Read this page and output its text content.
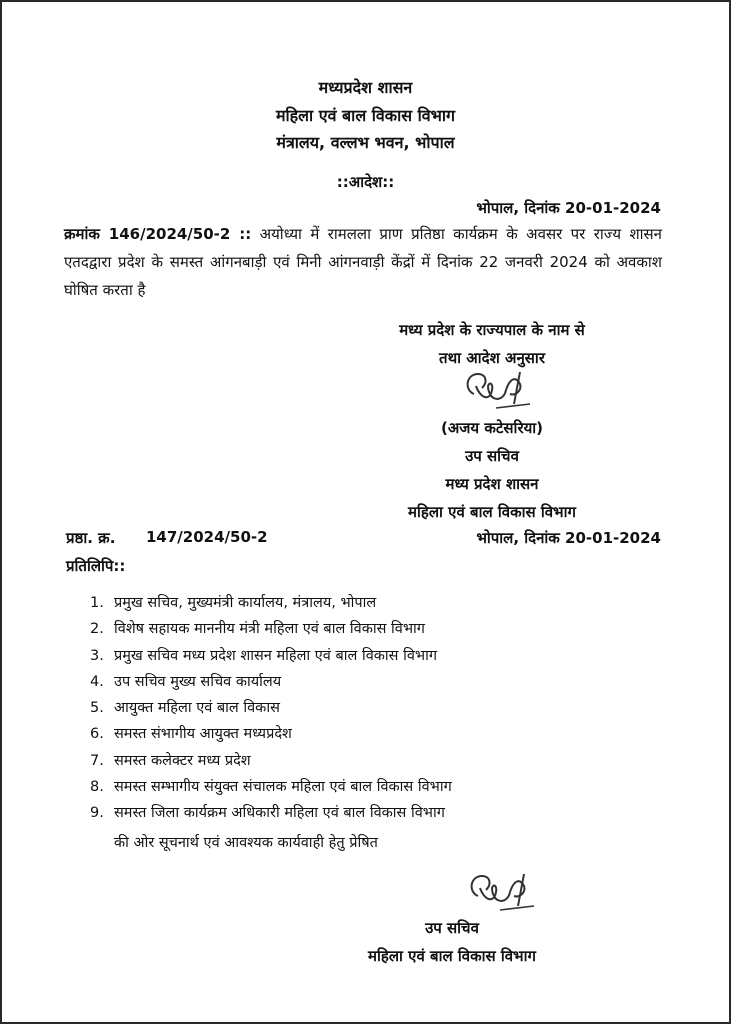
मध्यप्रदेश शासन
महिला एवं बाल विकास विभाग
मंत्रालय, वल्लभ भवन, भोपाल
::आदेश::
भोपाल, दिनांक 20-01-2024
क्रमांक 146/2024/50-2 :: अयोध्या में रामलला प्राण प्रतिष्ठा कार्यक्रम के अवसर पर राज्य शासन एतदद्वारा प्रदेश के समस्त आंगनबाड़ी एवं मिनी आंगनवाड़ी केंद्रों में दिनांक 22 जनवरी 2024 को अवकाश घोषित करता है
मध्य प्रदेश के राज्यपाल के नाम से
तथा आदेश अनुसार
(अजय कटेसरिया)
उप सचिव
मध्य प्रदेश शासन
महिला एवं बाल विकास विभाग
प्रष्ठा. क्र. 147/2024/50-2	भोपाल, दिनांक 20-01-2024
प्रतिलिपि::
1. प्रमुख सचिव, मुख्यमंत्री कार्यालय, मंत्रालय, भोपाल
2. विशेष सहायक माननीय मंत्री महिला एवं बाल विकास विभाग
3. प्रमुख सचिव मध्य प्रदेश शासन महिला एवं बाल विकास विभाग
4. उप सचिव मुख्य सचिव कार्यालय
5. आयुक्त महिला एवं बाल विकास
6. समस्त संभागीय आयुक्त मध्यप्रदेश
7. समस्त कलेक्टर मध्य प्रदेश
8. समस्त सम्भागीय संयुक्त संचालक महिला एवं बाल विकास विभाग
9. समस्त जिला कार्यक्रम अधिकारी महिला एवं बाल विकास विभाग
की ओर सूचनार्थ एवं आवश्यक कार्यवाही हेतु प्रेषित
उप सचिव
महिला एवं बाल विकास विभाग
